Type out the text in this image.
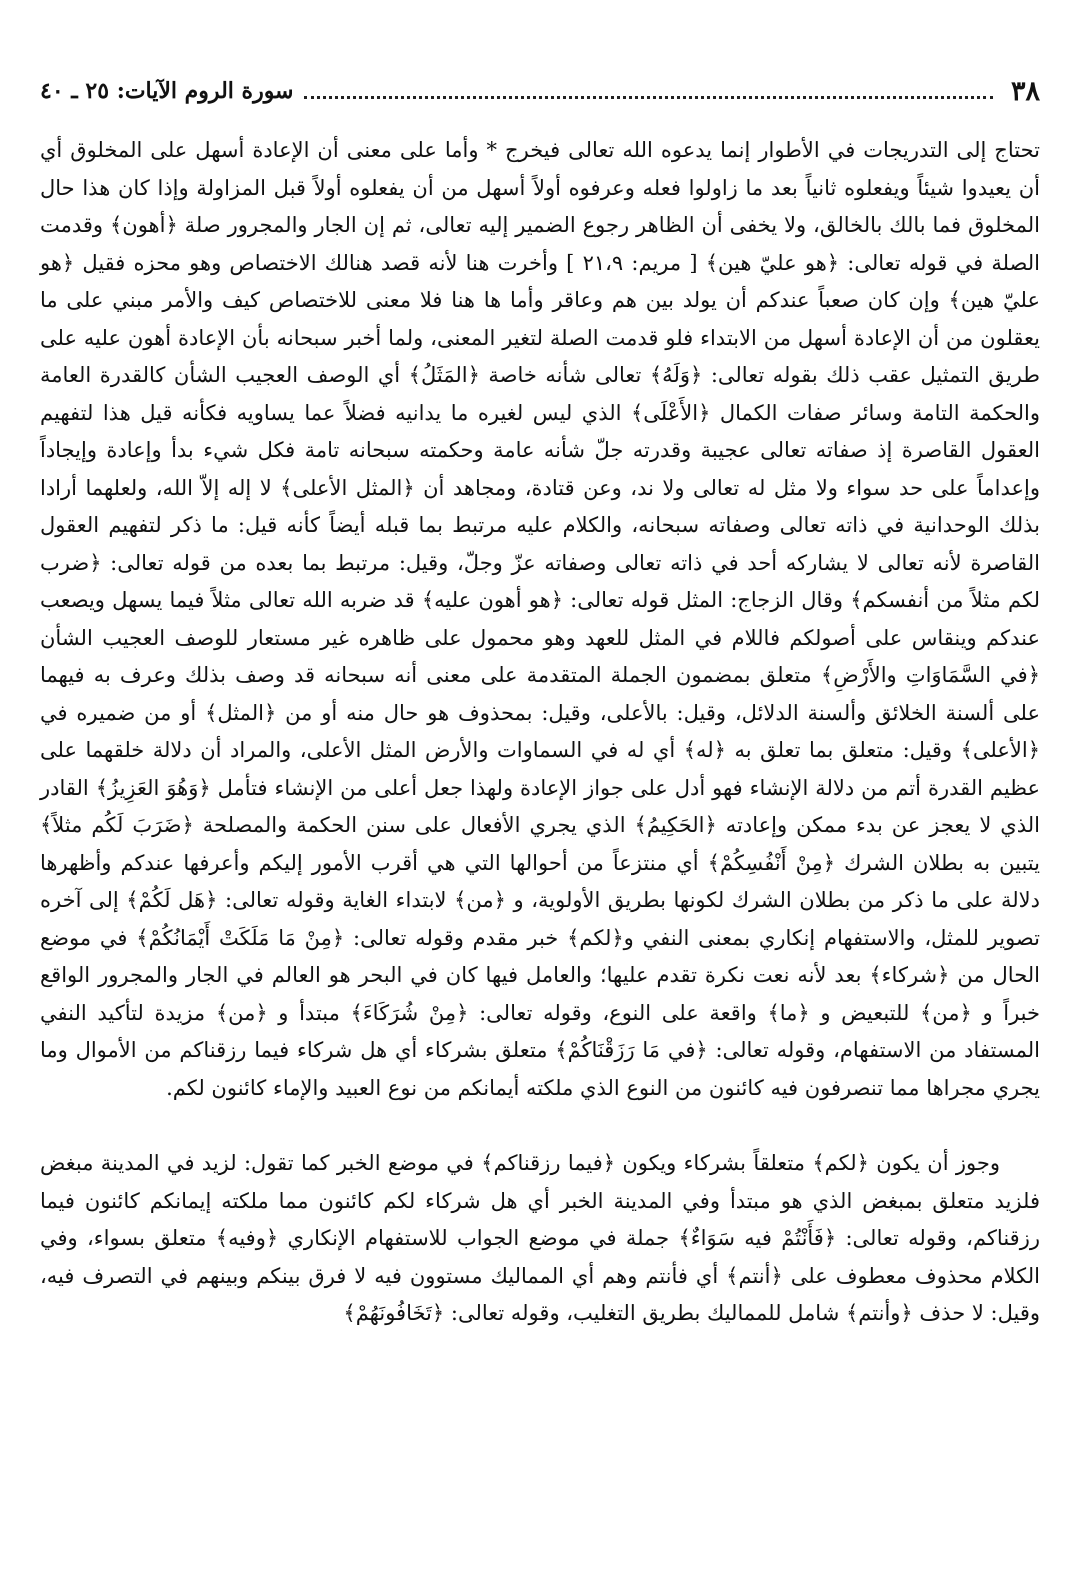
٣٨
سورة الروم الآيات: ٢٥ ـ ٤٠

تحتاج إلى التدريجات في الأطوار إنما يدعوه الله تعالى فيخرج * وأما على معنى أن الإعادة أسهل على المخلوق أي أن يعيدوا شيئاً ويفعلوه ثانياً بعد ما زاولوا فعله وعرفوه أولاً أسهل من أن يفعلوه أولاً قبل المزاولة وإذا كان هذا حال المخلوق فما بالك بالخالق، ولا يخفى أن الظاهر رجوع الضمير إليه تعالى، ثم إن الجار والمجرور صلة ﴿أهون﴾ وقدمت الصلة في قوله تعالى: ﴿هو عليّ هين﴾ [ مريم: ٢١،٩ ] وأخرت هنا لأنه قصد هنالك الاختصاص وهو محزه فقيل ﴿هو عليّ هين﴾ وإن كان صعباً عندكم أن يولد بين هم وعاقر وأما ها هنا فلا معنى للاختصاص كيف والأمر مبني على ما يعقلون من أن الإعادة أسهل من الابتداء فلو قدمت الصلة لتغير المعنى، ولما أخبر سبحانه بأن الإعادة أهون عليه على طريق التمثيل عقب ذلك بقوله تعالى: ﴿وَلَهُ﴾ تعالى شأنه خاصة ﴿المَثَلُ﴾ أي الوصف العجيب الشأن كالقدرة العامة والحكمة التامة وسائر صفات الكمال ﴿الأَعْلَى﴾ الذي ليس لغيره ما يدانيه فضلاً عما يساويه فكأنه قيل هذا لتفهيم العقول القاصرة إذ صفاته تعالى عجيبة وقدرته جلّ شأنه عامة وحكمته سبحانه تامة فكل شيء بدأ وإعادة وإيجاداً وإعداماً على حد سواء ولا مثل له تعالى ولا ند، وعن قتادة، ومجاهد أن ﴿المثل الأعلى﴾ لا إله إلاّ الله، ولعلهما أرادا بذلك الوحدانية في ذاته تعالى وصفاته سبحانه، والكلام عليه مرتبط بما قبله أيضاً كأنه قيل: ما ذكر لتفهيم العقول القاصرة لأنه تعالى لا يشاركه أحد في ذاته تعالى وصفاته عزّ وجلّ، وقيل: مرتبط بما بعده من قوله تعالى: ﴿ضرب لكم مثلاً من أنفسكم﴾ وقال الزجاج: المثل قوله تعالى: ﴿هو أهون عليه﴾ قد ضربه الله تعالى مثلاً فيما يسهل ويصعب عندكم وينقاس على أصولكم فاللام في المثل للعهد وهو محمول على ظاهره غير مستعار للوصف العجيب الشأن ﴿في السَّمَاوَاتِ والأَرْضِ﴾ متعلق بمضمون الجملة المتقدمة على معنى أنه سبحانه قد وصف بذلك وعرف به فيهما على ألسنة الخلائق وألسنة الدلائل، وقيل: بالأعلى، وقيل: بمحذوف هو حال منه أو من ﴿المثل﴾ أو من ضميره في ﴿الأعلى﴾ وقيل: متعلق بما تعلق به ﴿له﴾ أي له في السماوات والأرض المثل الأعلى، والمراد أن دلالة خلقهما على عظيم القدرة أتم من دلالة الإنشاء فهو أدل على جواز الإعادة ولهذا جعل أعلى من الإنشاء فتأمل ﴿وَهُوَ العَزِيزُ﴾ القادر الذي لا يعجز عن بدء ممكن وإعادته ﴿الحَكِيمُ﴾ الذي يجري الأفعال على سنن الحكمة والمصلحة ﴿ضَرَبَ لَكُم مثلاً﴾ يتبين به بطلان الشرك ﴿مِنْ أَنْفُسِكُمْ﴾ أي منتزعاً من أحوالها التي هي أقرب الأمور إليكم وأعرفها عندكم وأظهرها دلالة على ما ذكر من بطلان الشرك لكونها بطريق الأولوية، و ﴿من﴾ لابتداء الغاية وقوله تعالى: ﴿هَل لَكُمْ﴾ إلى آخره تصوير للمثل، والاستفهام إنكاري بمعنى النفي و﴿لكم﴾ خبر مقدم وقوله تعالى: ﴿مِنْ مَا مَلَكَتْ أَيْمَانُكُمْ﴾ في موضع الحال من ﴿شركاء﴾ بعد لأنه نعت نكرة تقدم عليها؛ والعامل فيها كان في البحر هو العالم في الجار والمجرور الواقع خبراً و ﴿من﴾ للتبعيض و ﴿ما﴾ واقعة على النوع، وقوله تعالى: ﴿مِنْ شُرَكَاءَ﴾ مبتدأ و ﴿من﴾ مزيدة لتأكيد النفي المستفاد من الاستفهام، وقوله تعالى: ﴿في مَا رَزَقْنَاكُمْ﴾ متعلق بشركاء أي هل شركاء فيما رزقناكم من الأموال وما يجري مجراها مما تنصرفون فيه كائنون من النوع الذي ملكته أيمانكم من نوع العبيد والإماء كائنون لكم.

وجوز أن يكون ﴿لكم﴾ متعلقاً بشركاء ويكون ﴿فيما رزقناكم﴾ في موضع الخبر كما تقول: لزيد في المدينة مبغض فلزيد متعلق بمبغض الذي هو مبتدأ وفي المدينة الخبر أي هل شركاء لكم كائنون مما ملكته إيمانكم كائنون فيما رزقناكم، وقوله تعالى: ﴿فَأَنْتُمْ فيه سَوَاءٌ﴾ جملة في موضع الجواب للاستفهام الإنكاري ﴿وفيه﴾ متعلق بسواء، وفي الكلام محذوف معطوف على ﴿أنتم﴾ أي فأنتم وهم أي المماليك مستوون فيه لا فرق بينكم وبينهم في التصرف فيه، وقيل: لا حذف ﴿وأنتم﴾ شامل للمماليك بطريق التغليب، وقوله تعالى: ﴿تَخَافُونَهُمْ﴾
